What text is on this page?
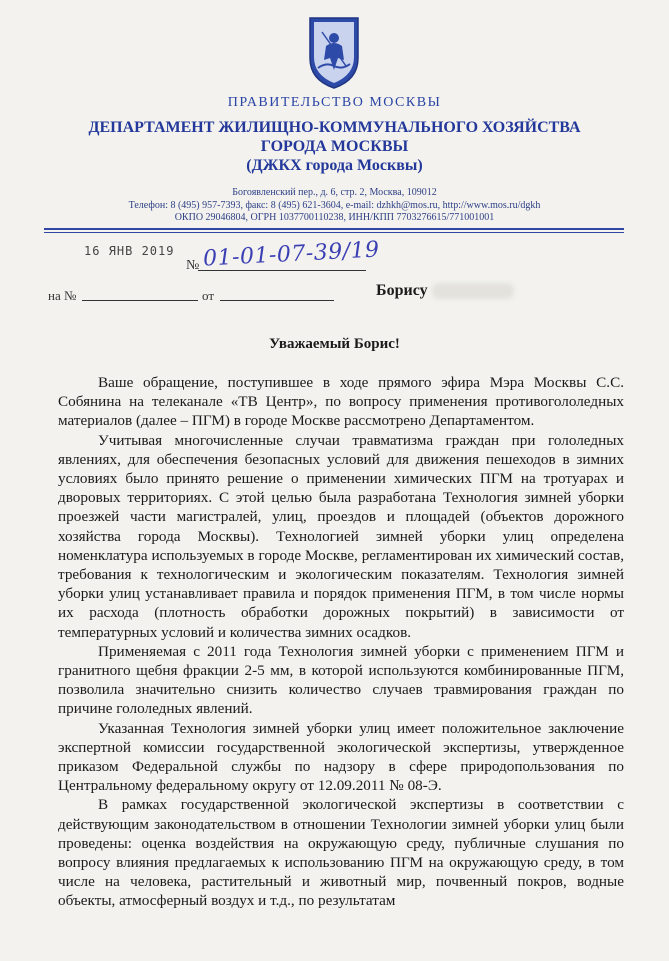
ПРАВИТЕЛЬСТВО МОСКВЫ
ДЕПАРТАМЕНТ ЖИЛИЩНО-КОММУНАЛЬНОГО ХОЗЯЙСТВА
ГОРОДА МОСКВЫ
(ДЖКХ города Москвы)
Богоявленский пер., д. 6, стр. 2, Москва, 109012
Телефон: 8 (495) 957-7393, факс: 8 (495) 621-3604, e-mail: dzhkh@mos.ru, http://www.mos.ru/dgkh
ОКПО 29046804, ОГРН 1037700110238, ИНН/КПП 7703276615/771001001
16 ЯНВ 2019
№ 01-01-07-39/19
на №	от	Борису
Уважаемый Борис!

Ваше обращение, поступившее в ходе прямого эфира Мэра Москвы С.С. Собянина на телеканале «ТВ Центр», по вопросу применения противогололедных материалов (далее – ПГМ) в городе Москве рассмотрено Департаментом.

Учитывая многочисленные случаи травматизма граждан при гололедных явлениях, для обеспечения безопасных условий для движения пешеходов в зимних условиях было принято решение о применении химических ПГМ на тротуарах и дворовых территориях. С этой целью была разработана Технология зимней уборки проезжей части магистралей, улиц, проездов и площадей (объектов дорожного хозяйства города Москвы). Технологией зимней уборки улиц определена номенклатура используемых в городе Москве, регламентирован их химический состав, требования к технологическим и экологическим показателям. Технология зимней уборки улиц устанавливает правила и порядок применения ПГМ, в том числе нормы их расхода (плотность обработки дорожных покрытий) в зависимости от температурных условий и количества зимних осадков.

Применяемая с 2011 года Технология зимней уборки с применением ПГМ и гранитного щебня фракции 2-5 мм, в которой используются комбинированные ПГМ, позволила значительно снизить количество случаев травмирования граждан по причине гололедных явлений.

Указанная Технология зимней уборки улиц имеет положительное заключение экспертной комиссии государственной экологической экспертизы, утвержденное приказом Федеральной службы по надзору в сфере природопользования по Центральному федеральному округу от 12.09.2011 № 08-Э.

В рамках государственной экологической экспертизы в соответствии с действующим законодательством в отношении Технологии зимней уборки улиц были проведены: оценка воздействия на окружающую среду, публичные слушания по вопросу влияния предлагаемых к использованию ПГМ на окружающую среду, в том числе на человека, растительный и животный мир, почвенный покров, водные объекты, атмосферный воздух и т.д., по результатам
